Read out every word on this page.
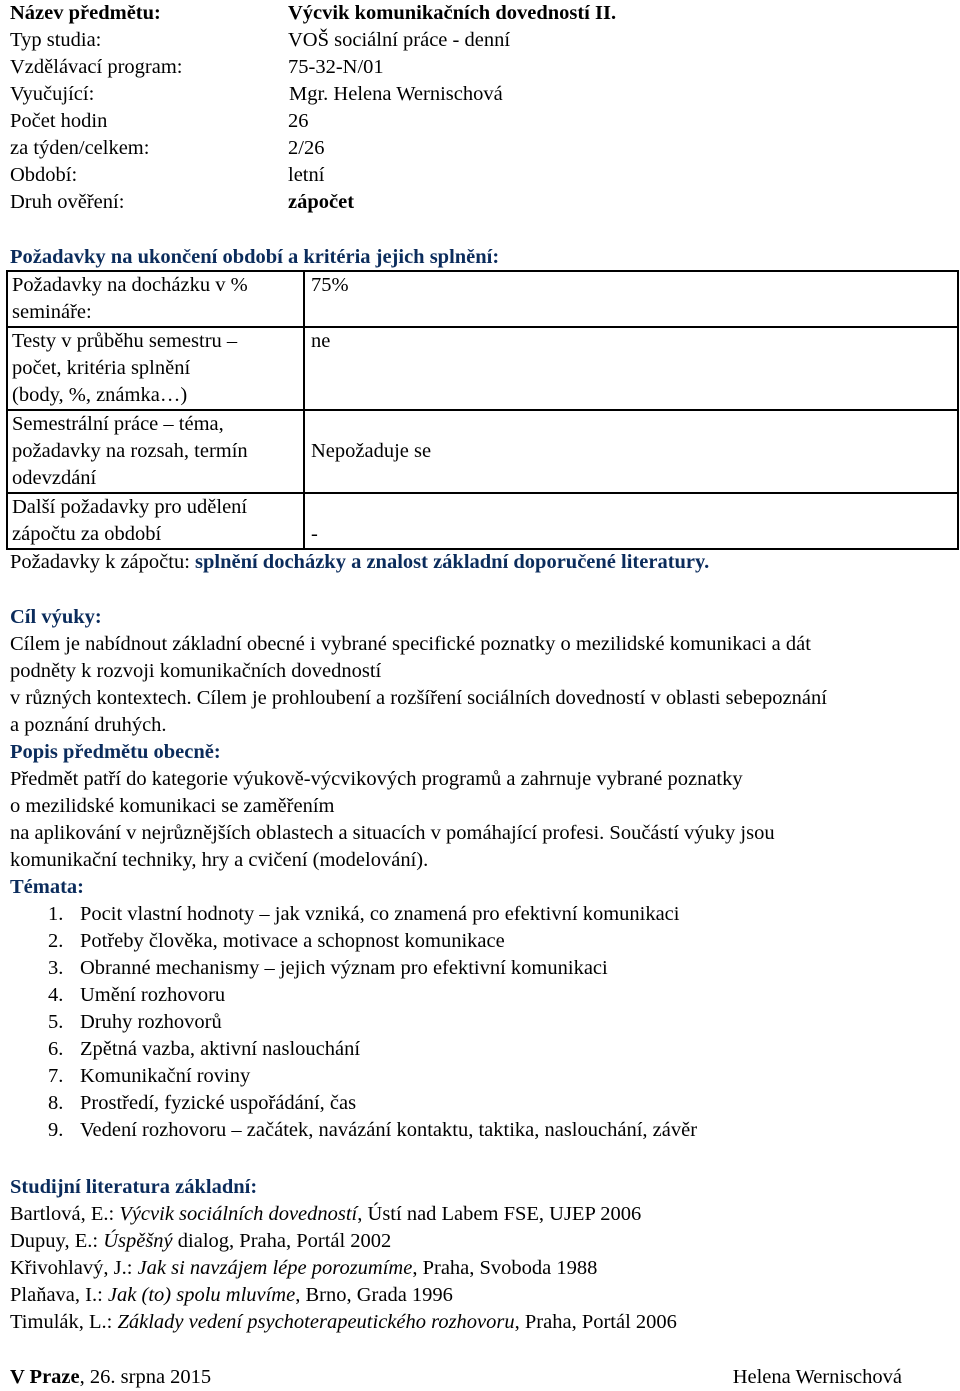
Název předmětu:	Výcvik komunikačních dovedností II.
Typ studia:	VOŠ sociální práce - denní
Vzdělávací program:	75-32-N/01
Vyučující:	Mgr. Helena Wernischová
Počet hodin	26
za týden/celkem:	2/26
Období:	letní
Druh ověření:	zápočet
Požadavky na ukončení období a kritéria jejich splnění:
Požadavky na docházku v %
semináře:	75%

Testy v průběhu semestru –
počet, kritéria splnění
(body, %, známka…)	ne

Semestrální práce – téma,
požadavky na rozsah, termín
odevzdání	Nepožaduje se

Další požadavky pro udělení
zápočtu za období	-
Požadavky k zápočtu: splnění docházky a znalost základní doporučené literatury.
Cíl výuky:

Cílem je nabídnout základní obecné i vybrané specifické poznatky o mezilidské komunikaci a dát

podněty k rozvoji komunikačních dovedností

v různých kontextech. Cílem je prohloubení a rozšíření sociálních dovedností v oblasti sebepoznání

a poznání druhých.

Popis předmětu obecně:

Předmět patří do kategorie výukově-výcvikových programů a zahrnuje vybrané poznatky

o mezilidské komunikaci se zaměřením

na aplikování v nejrůznějších oblastech a situacích v pomáhající profesi. Součástí výuky jsou

komunikační techniky, hry a cvičení (modelování).

Témata:
1. Pocit vlastní hodnoty – jak vzniká, co znamená pro efektivní komunikaci
2. Potřeby člověka, motivace a schopnost komunikace
3. Obranné mechanismy – jejich význam pro efektivní komunikaci
4. Umění rozhovoru
5. Druhy rozhovorů
6. Zpětná vazba, aktivní naslouchání
7. Komunikační roviny
8. Prostředí, fyzické uspořádání, čas
9. Vedení rozhovoru – začátek, navázání kontaktu, taktika, naslouchání, závěr
Studijní literatura základní:

Bartlová, E.: Výcvik sociálních dovedností, Ústí nad Labem FSE, UJEP 2006

Dupuy, E.: Úspěšný dialog, Praha, Portál 2002

Křivohlavý, J.: Jak si navzájem lépe porozumíme, Praha, Svoboda 1988

Plaňava, I.: Jak (to) spolu mluvíme, Brno, Grada 1996

Timulák, L.: Základy vedení psychoterapeutického rozhovoru, Praha, Portál 2006

V Praze, 26. srpna 2015	Helena Wernischová
